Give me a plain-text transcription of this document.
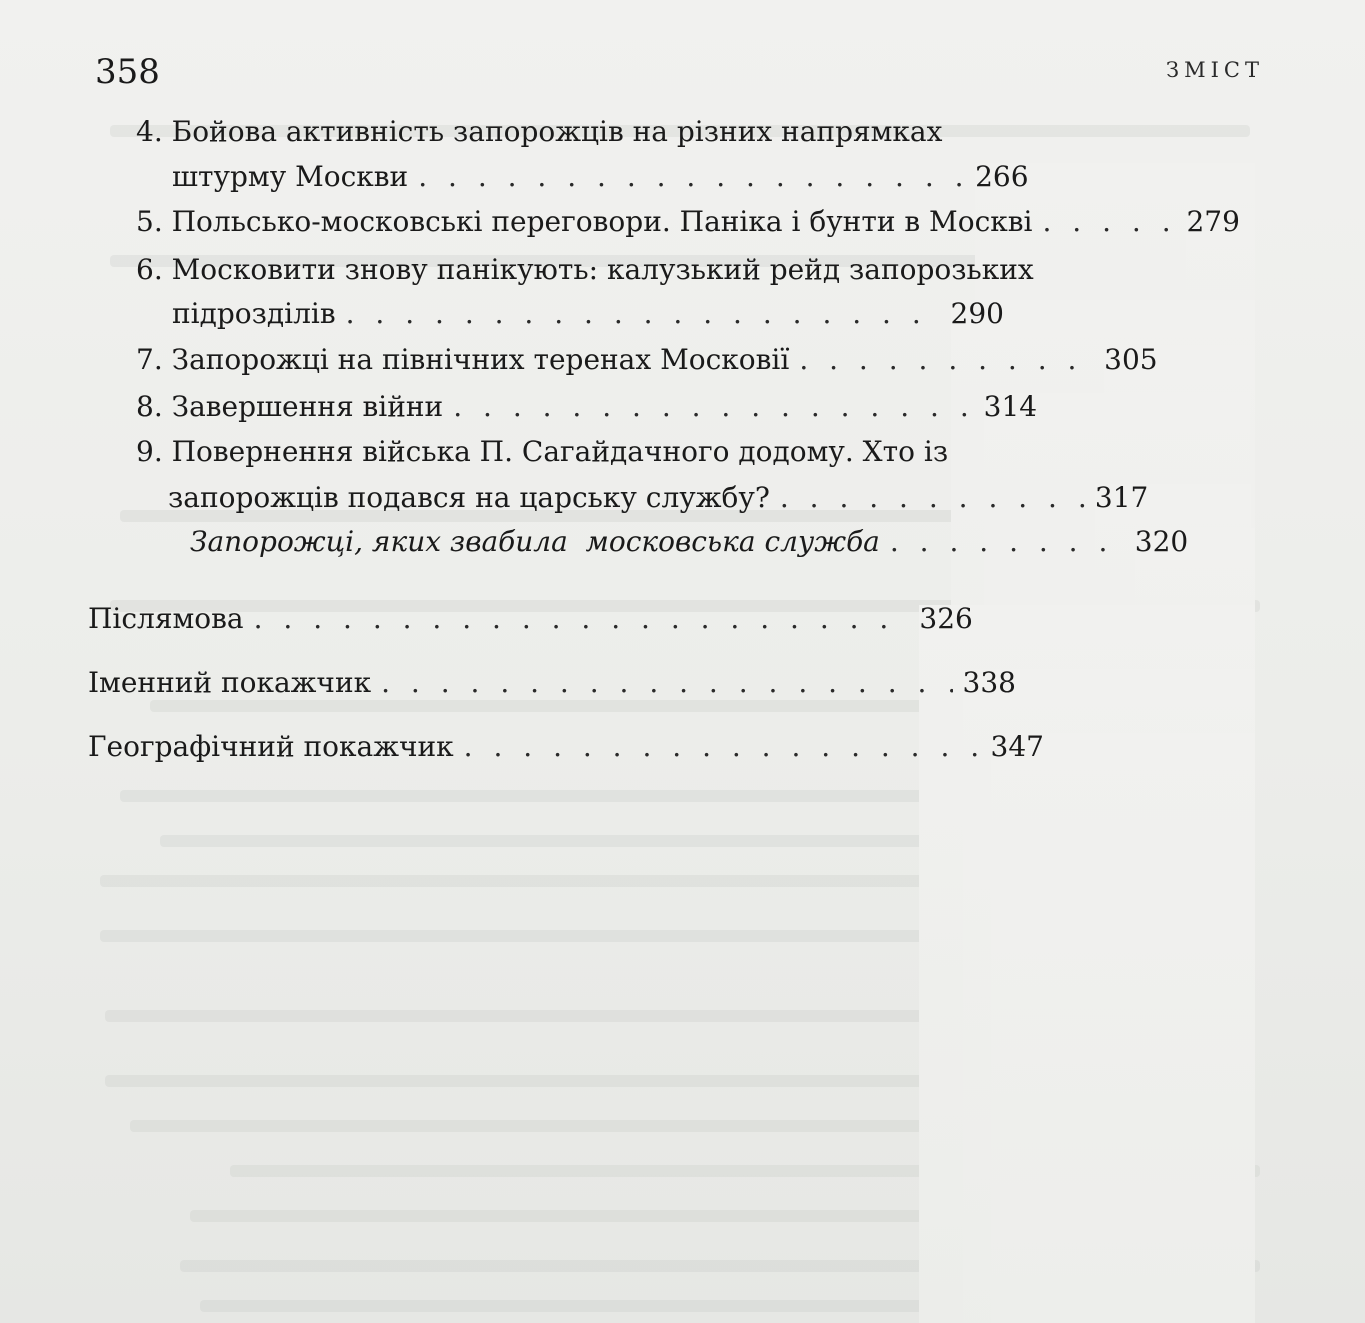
358	ЗМІСТ
4. Бойова активність запорожців на різних напрямках
штурму Москви . . .	266
5.
Польсько-московські переговори. Паніка і бунти в Москві . . .	279
6. Московити знову панікують: калузький рейд запорозьких
підрозділів . . .	290
7.
Запорожці на північних теренах Московії . . .	305
8.
Завершення війни . . .	314
9. Повернення війська П. Сагайдачного додому. Хто із
запорожців подався на царську службу? . . .	317
Запорожці, яких звабила  московська служба . . .	320
Післямова . . .	326
Іменний покажчик . . .	338
Географічний покажчик . . .	347
